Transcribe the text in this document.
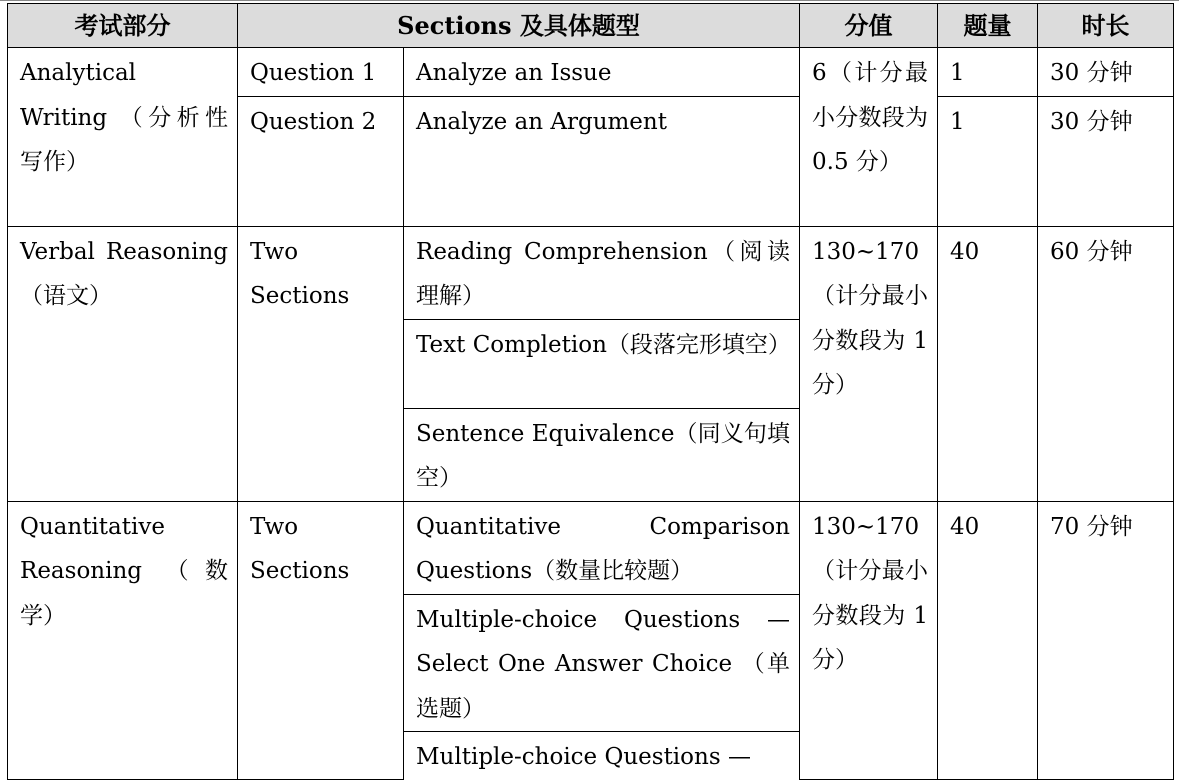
考试部分	Sections 及具体题型		分值	题量	时长
Analytical Writing （分析性写作）	Question 1	Analyze an Issue	6（计分最小分数段为 0.5 分）	1	30 分钟
	Question 2	Analyze an Argument		1	30 分钟
Verbal Reasoning （语文）	Two Sections	Reading Comprehension（阅读理解）	130~170 （计分最小分数段为 1 分）	40	60 分钟
		Text Completion（段落完形填空）			
		Sentence Equivalence（同义句填空）			
Quantitative Reasoning （数学）	Two Sections	Quantitative Comparison Questions（数量比较题）	130~170 （计分最小分数段为 1 分）	40	70 分钟
		Multiple-choice Questions — Select One Answer Choice （单选题）			
		Multiple-choice Questions —			
